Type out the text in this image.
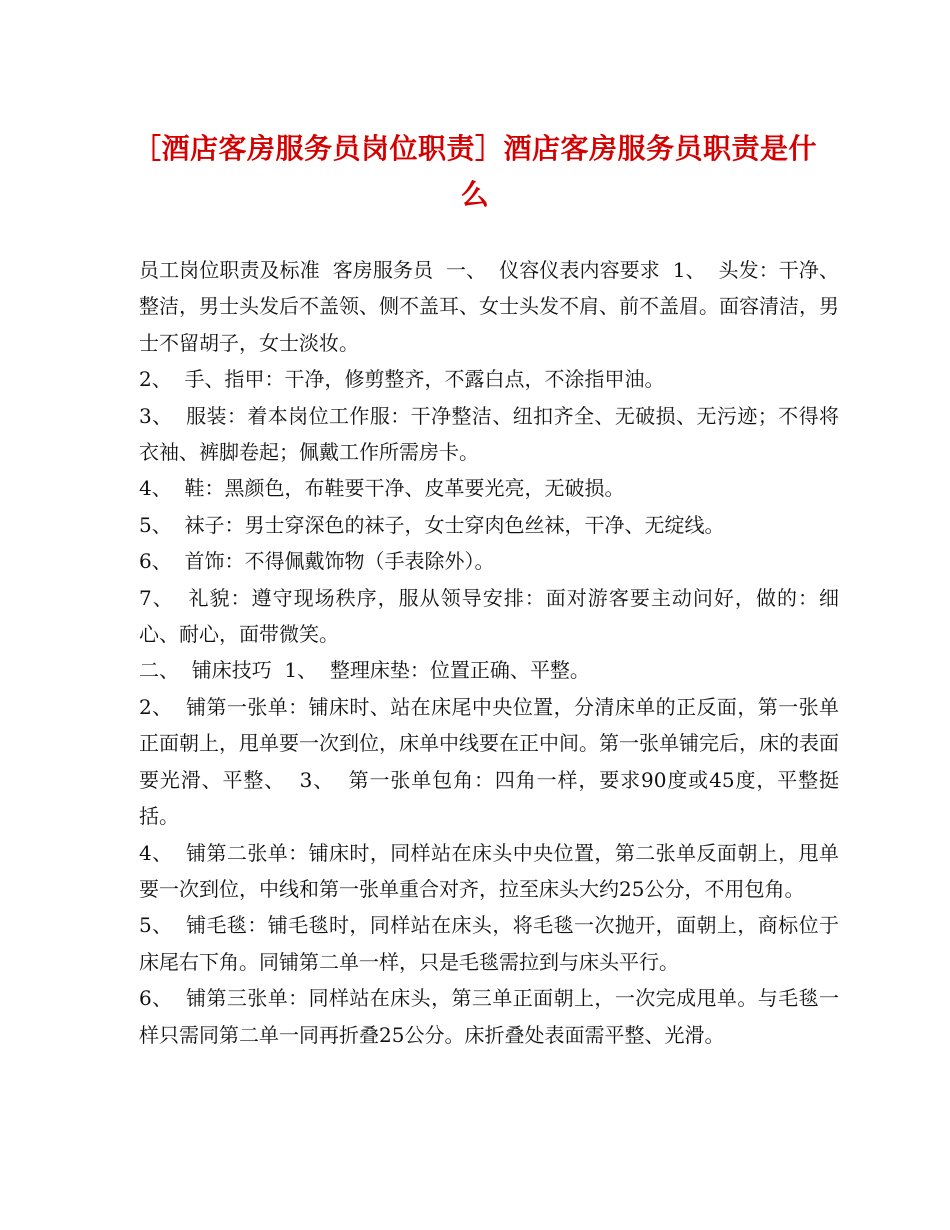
［酒店客房服务员岗位职责］酒店客房服务员职责是什么

员工岗位职责及标准  客房服务员  一、  仪容仪表内容要求  1、  头发：干净、整洁，男士头发后不盖领、侧不盖耳、女士头发不肩、前不盖眉。面容清洁，男士不留胡子，女士淡妆。

2、  手、指甲：干净，修剪整齐，不露白点，不涂指甲油。

3、  服装：着本岗位工作服：干净整洁、纽扣齐全、无破损、无污迹；不得将衣袖、裤脚卷起；佩戴工作所需房卡。

4、  鞋：黑颜色，布鞋要干净、皮革要光亮，无破损。

5、  袜子：男士穿深色的袜子，女士穿肉色丝袜，干净、无绽线。

6、  首饰：不得佩戴饰物（手表除外）。

7、  礼貌：遵守现场秩序，服从领导安排：面对游客要主动问好，做的：细心、耐心，面带微笑。

二、  铺床技巧  1、  整理床垫：位置正确、平整。

2、  铺第一张单：铺床时、站在床尾中央位置，分清床单的正反面，第一张单正面朝上，甩单要一次到位，床单中线要在正中间。第一张单铺完后，床的表面要光滑、平整、  3、  第一张单包角：四角一样，要求90度或45度，平整挺括。

4、  铺第二张单：铺床时，同样站在床头中央位置，第二张单反面朝上，甩单要一次到位，中线和第一张单重合对齐，拉至床头大约25公分，不用包角。

5、  铺毛毯：铺毛毯时，同样站在床头，将毛毯一次抛开，面朝上，商标位于床尾右下角。同铺第二单一样，只是毛毯需拉到与床头平行。

6、  铺第三张单：同样站在床头，第三单正面朝上，一次完成甩单。与毛毯一样只需同第二单一同再折叠25公分。床折叠处表面需平整、光滑。
